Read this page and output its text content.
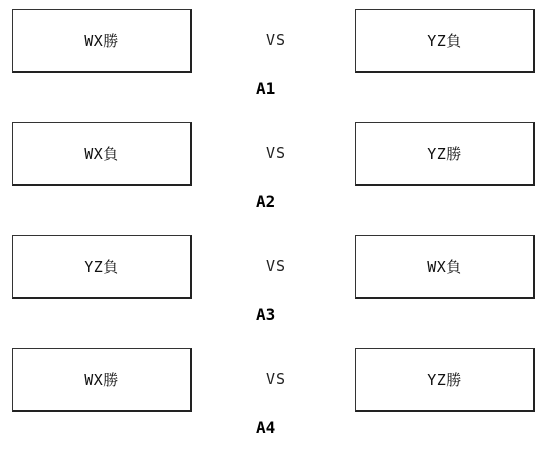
WX勝	VS	YZ負
A1
WX負	VS	YZ勝
A2
YZ負	VS	WX負
A3
WX勝	VS	YZ勝
A4
